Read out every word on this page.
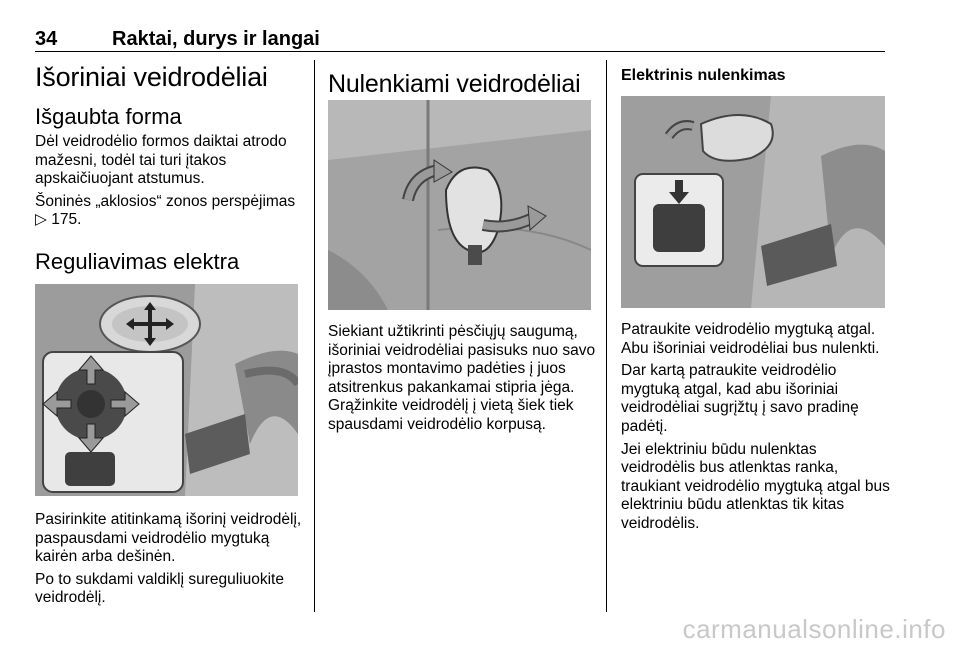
34	Raktai, durys ir langai
Išoriniai veidrodėliai
Išgaubta forma

Dėl veidrodėlio formos daiktai atrodo mažesni, todėl tai turi įtakos apskaičiuojant atstumus.

Šoninės „aklosios“ zonos perspėjimas ▷ 175.

Reguliavimas elektra

Pasirinkite atitinkamą išorinį veidrodėlį, paspausdami veidrodėlio mygtuką kairėn arba dešinėn.

Po to sukdami valdiklį sureguliuokite veidrodėlį.

Nulenkiami veidrodėliai

Siekiant užtikrinti pėsčiųjų saugumą, išoriniai veidrodėliai pasisuks nuo savo įprastos montavimo padėties į juos atsitrenkus pakankamai stipria jėga. Grąžinkite veidrodėlį į vietą šiek tiek spausdami veidrodėlio korpusą.

Elektrinis nulenkimas

Patraukite veidrodėlio mygtuką atgal. Abu išoriniai veidrodėliai bus nulenkti.

Dar kartą patraukite veidrodėlio mygtuką atgal, kad abu išoriniai veidrodėliai sugrįžtų į savo pradinę padėtį.

Jei elektriniu būdu nulenktas veidrodėlis bus atlenktas ranka, traukiant veidrodėlio mygtuką atgal bus elektriniu būdu atlenktas tik kitas veidrodėlis.

carmanualsonline.info
